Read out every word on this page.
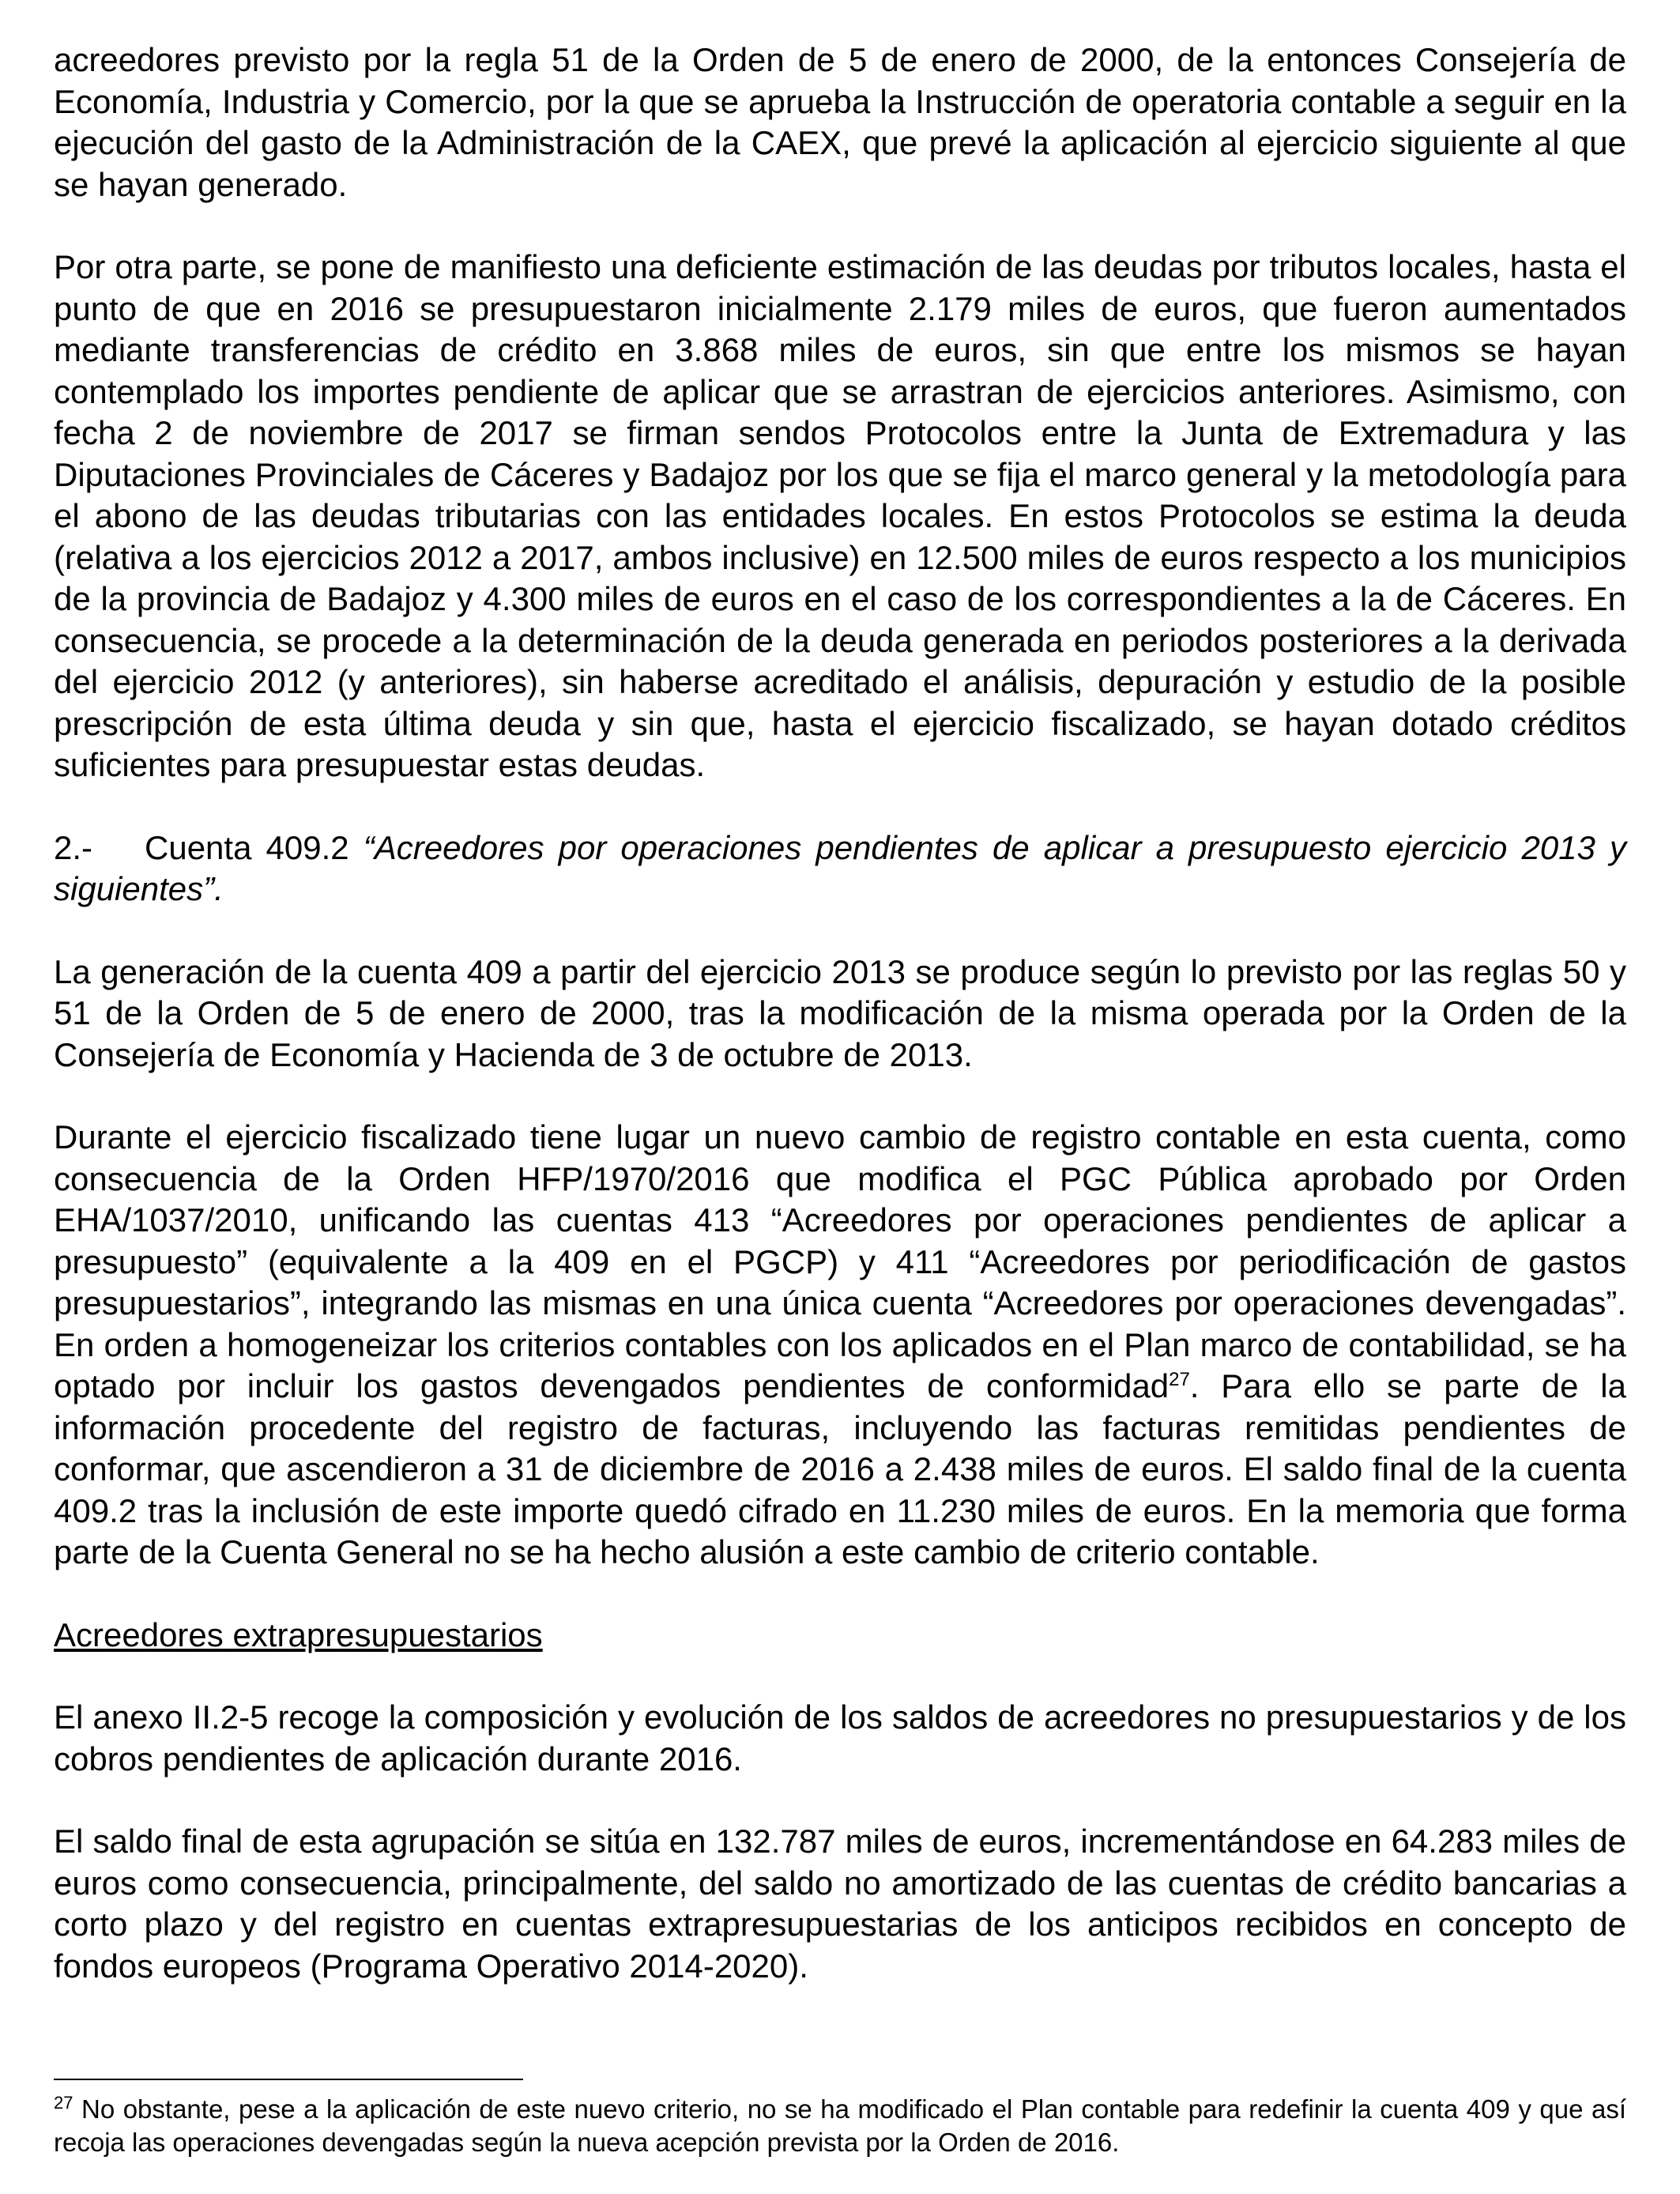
acreedores previsto por la regla 51 de la Orden de 5 de enero de 2000, de la entonces Consejería de Economía, Industria y Comercio, por la que se aprueba la Instrucción de operatoria contable a seguir en la ejecución del gasto de la Administración de la CAEX, que prevé la aplicación al ejercicio siguiente al que se hayan generado.

Por otra parte, se pone de manifiesto una deficiente estimación de las deudas por tributos locales, hasta el punto de que en 2016 se presupuestaron inicialmente 2.179 miles de euros, que fueron aumentados mediante transferencias de crédito en 3.868 miles de euros, sin que entre los mismos se hayan contemplado los importes pendiente de aplicar que se arrastran de ejercicios anteriores. Asimismo, con fecha 2 de noviembre de 2017 se firman sendos Protocolos entre la Junta de Extremadura y las Diputaciones Provinciales de Cáceres y Badajoz por los que se fija el marco general y la metodología para el abono de las deudas tributarias con las entidades locales. En estos Protocolos se estima la deuda (relativa a los ejercicios 2012 a 2017, ambos inclusive) en 12.500 miles de euros respecto a los municipios de la provincia de Badajoz y 4.300 miles de euros en el caso de los correspondientes a la de Cáceres. En consecuencia, se procede a la determinación de la deuda generada en periodos posteriores a la derivada del ejercicio 2012 (y anteriores), sin haberse acreditado el análisis, depuración y estudio de la posible prescripción de esta última deuda y sin que, hasta el ejercicio fiscalizado, se hayan dotado créditos suficientes para presupuestar estas deudas.

2.- Cuenta 409.2 “Acreedores por operaciones pendientes de aplicar a presupuesto ejercicio 2013 y siguientes”.

La generación de la cuenta 409 a partir del ejercicio 2013 se produce según lo previsto por las reglas 50 y 51 de la Orden de 5 de enero de 2000, tras la modificación de la misma operada por la Orden de la Consejería de Economía y Hacienda de 3 de octubre de 2013.

Durante el ejercicio fiscalizado tiene lugar un nuevo cambio de registro contable en esta cuenta, como consecuencia de la Orden HFP/1970/2016 que modifica el PGC Pública aprobado por Orden EHA/1037/2010, unificando las cuentas 413 “Acreedores por operaciones pendientes de aplicar a presupuesto” (equivalente a la 409 en el PGCP) y 411 “Acreedores por periodificación de gastos presupuestarios”, integrando las mismas en una única cuenta “Acreedores por operaciones devengadas”. En orden a homogeneizar los criterios contables con los aplicados en el Plan marco de contabilidad, se ha optado por incluir los gastos devengados pendientes de conformidad$^{27}$. Para ello se parte de la información procedente del registro de facturas, incluyendo las facturas remitidas pendientes de conformar, que ascendieron a 31 de diciembre de 2016 a 2.438 miles de euros. El saldo final de la cuenta 409.2 tras la inclusión de este importe quedó cifrado en 11.230 miles de euros. En la memoria que forma parte de la Cuenta General no se ha hecho alusión a este cambio de criterio contable.

Acreedores extrapresupuestarios

El anexo II.2-5 recoge la composición y evolución de los saldos de acreedores no presupuestarios y de los cobros pendientes de aplicación durante 2016.

El saldo final de esta agrupación se sitúa en 132.787 miles de euros, incrementándose en 64.283 miles de euros como consecuencia, principalmente, del saldo no amortizado de las cuentas de crédito bancarias a corto plazo y del registro en cuentas extrapresupuestarias de los anticipos recibidos en concepto de fondos europeos (Programa Operativo 2014-2020).

$^{27}$ No obstante, pese a la aplicación de este nuevo criterio, no se ha modificado el Plan contable para redefinir la cuenta 409 y que así recoja las operaciones devengadas según la nueva acepción prevista por la Orden de 2016.
